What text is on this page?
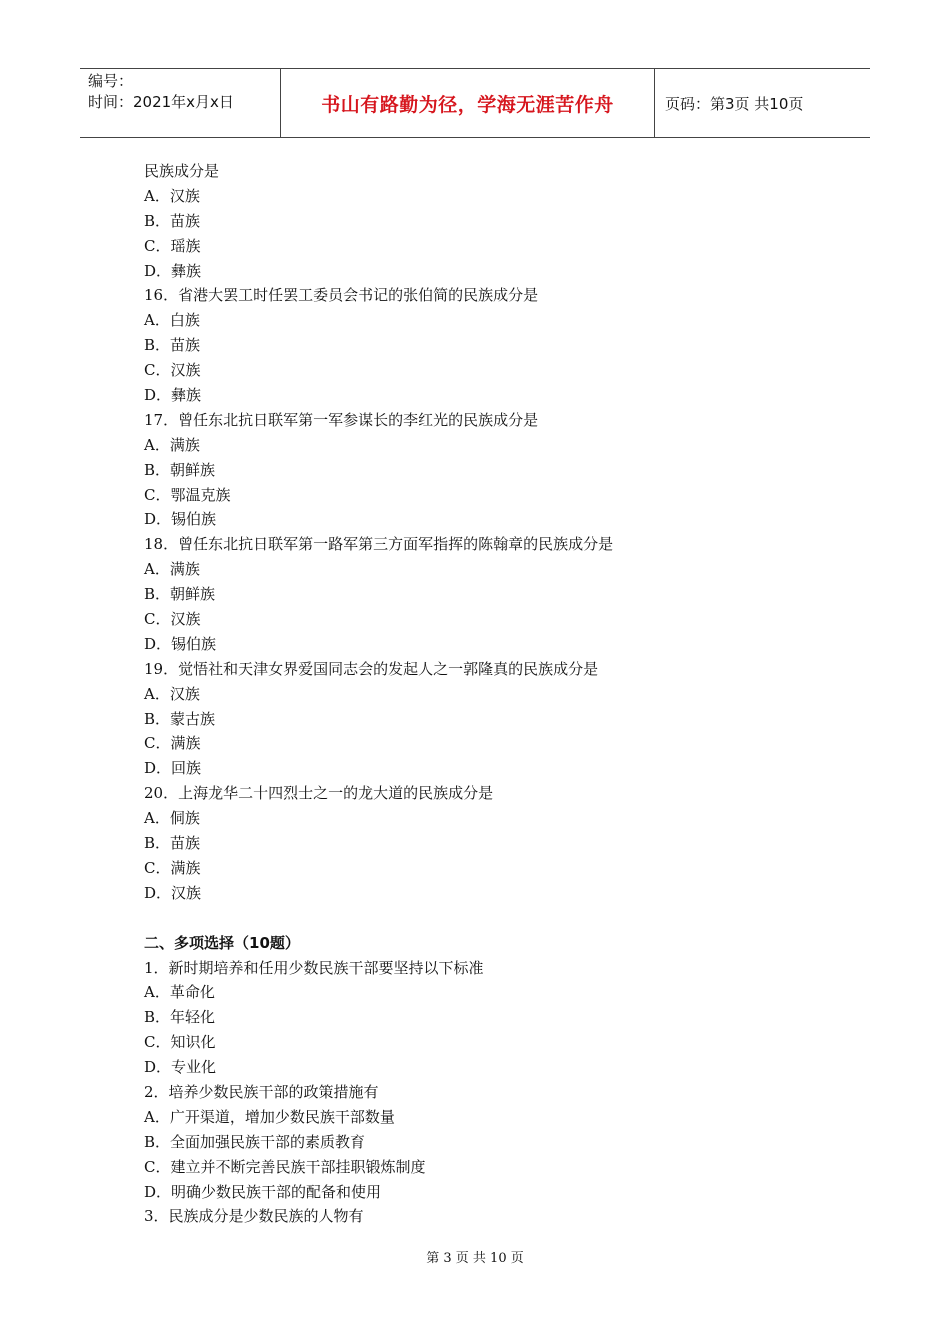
编号：
时间：2021年x月x日	书山有路勤为径，学海无涯苦作舟	页码：第3页 共10页
民族成分是
A．汉族
B．苗族
C．瑶族
D．彝族
16．省港大罢工时任罢工委员会书记的张伯简的民族成分是
A．白族
B．苗族
C．汉族
D．彝族
17．曾任东北抗日联军第一军参谋长的李红光的民族成分是
A．满族
B．朝鲜族
C．鄂温克族
D．锡伯族
18．曾任东北抗日联军第一路军第三方面军指挥的陈翰章的民族成分是
A．满族
B．朝鲜族
C．汉族
D．锡伯族
19．觉悟社和天津女界爱国同志会的发起人之一郭隆真的民族成分是
A．汉族
B．蒙古族
C．满族
D．回族
20．上海龙华二十四烈士之一的龙大道的民族成分是
A．侗族
B．苗族
C．满族
D．汉族
二、多项选择（10题）
1．新时期培养和任用少数民族干部要坚持以下标准
A．革命化
B．年轻化
C．知识化
D．专业化
2．培养少数民族干部的政策措施有
A．广开渠道，增加少数民族干部数量
B．全面加强民族干部的素质教育
C．建立并不断完善民族干部挂职锻炼制度
D．明确少数民族干部的配备和使用
3．民族成分是少数民族的人物有
第 3 页 共 10 页
